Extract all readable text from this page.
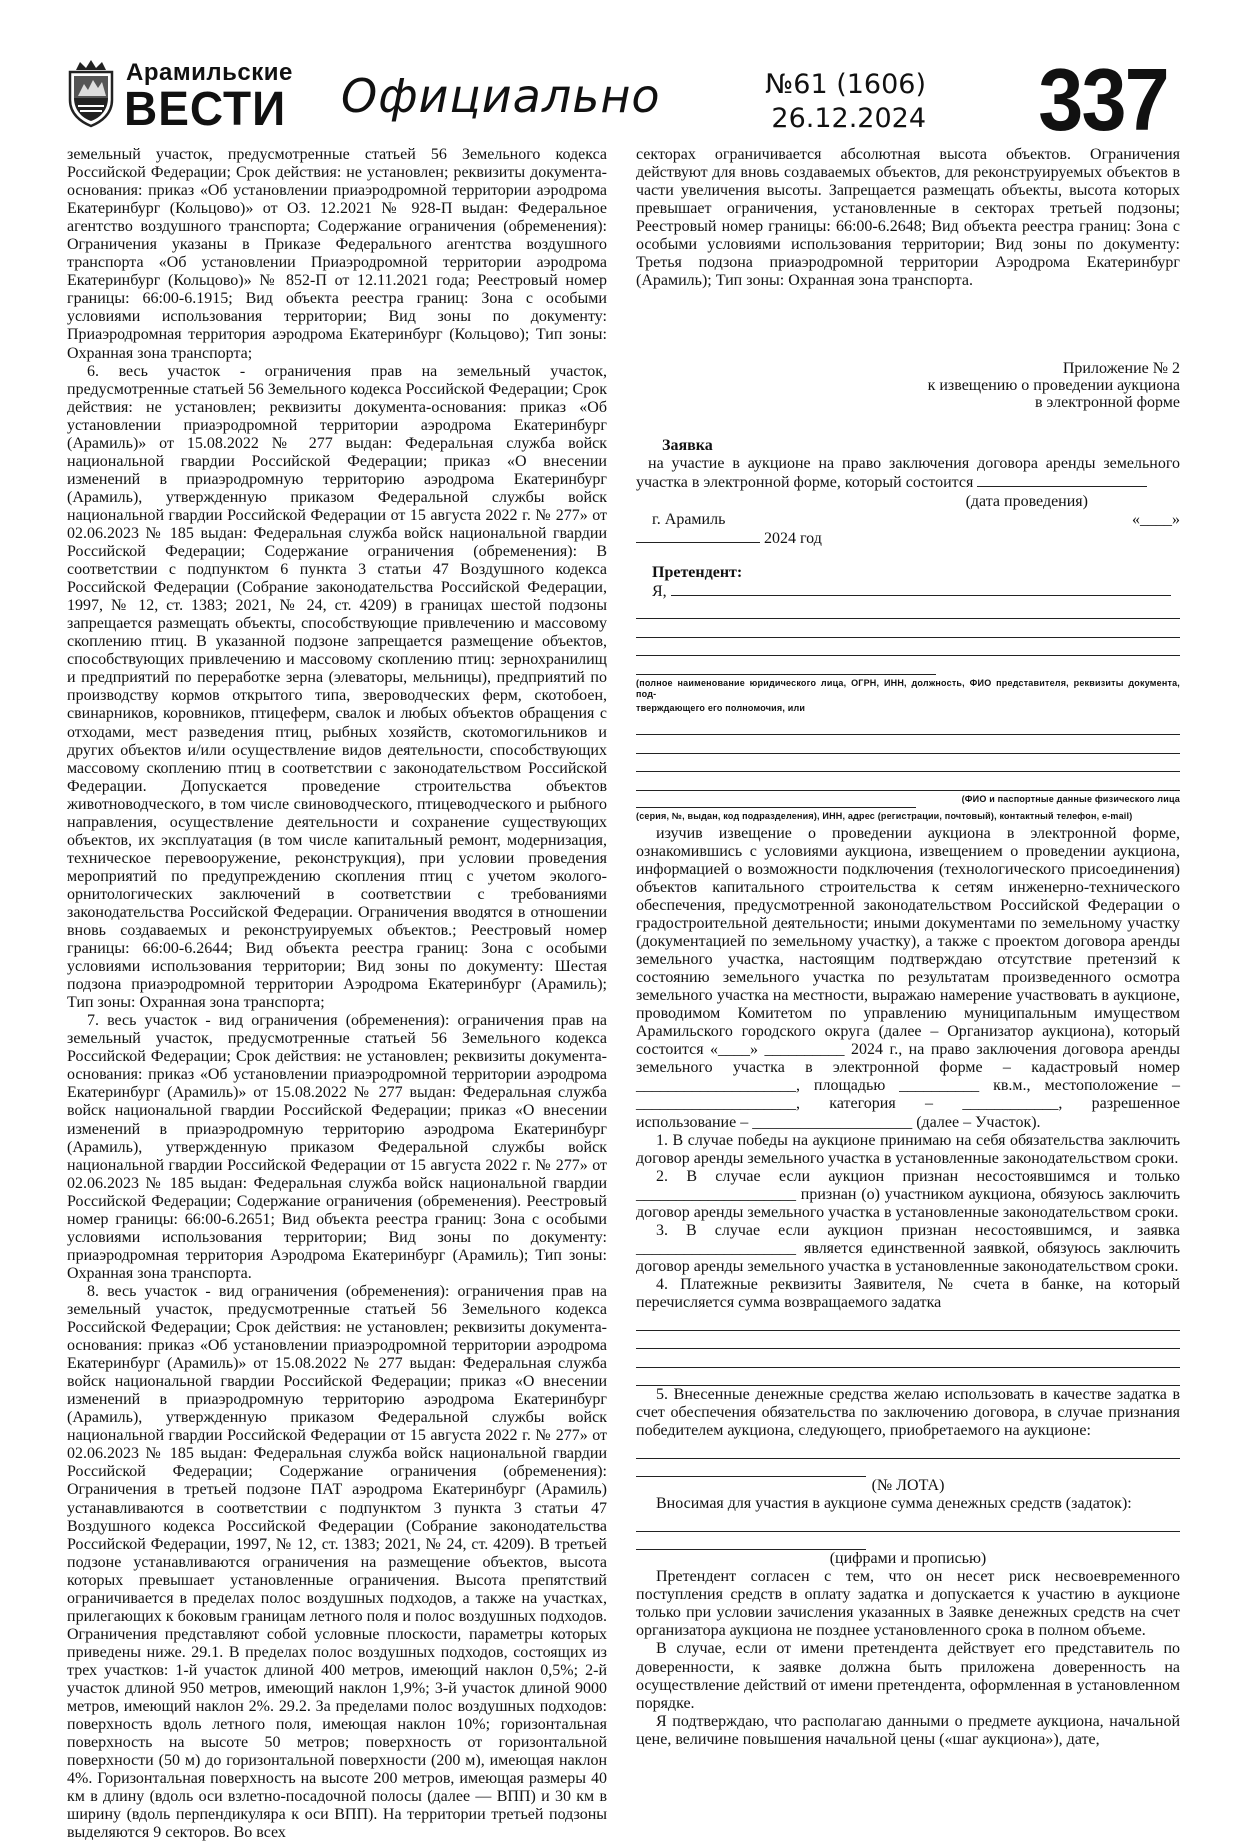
Арамильские
ВЕСТИ Официально	№61 (1606)
26.12.2024 337

земельный участок, предусмотренные статьей 56 Земельного кодекса Российской Федерации; Срок действия: не установлен; реквизиты документа-основания: приказ «Об установлении приаэродромной территории аэродрома Екатеринбург (Кольцово)» от ОЗ. 12.2021 № 928-П выдан: Федеральное агентство воздушного транспорта; Содержание ограничения (обременения): Ограничения указаны в Приказе Федерального агентства воздушного транспорта «Об установлении Приаэродромной территории аэродрома Екатеринбург (Кольцово)» № 852-П от 12.11.2021 года; Реестровый номер границы: 66:00-6.1915; Вид объекта реестра границ: Зона с особыми условиями использования территории; Вид зоны по документу: Приаэродромная территория аэродрома Екатеринбург (Кольцово); Тип зоны: Охранная зона транспорта;

6. весь участок - ограничения прав на земельный участок, предусмотренные статьей 56 Земельного кодекса Российской Федерации; Срок действия: не установлен; реквизиты документа-основания: приказ «Об установлении приаэродромной территории аэродрома Екатеринбург (Арамиль)» от 15.08.2022 № 277 выдан: Федеральная служба войск национальной гвардии Российской Федерации; приказ «О внесении изменений в приаэродромную территорию аэродрома Екатеринбург (Арамиль), утвержденную приказом Федеральной службы войск национальной гвардии Российской Федерации от 15 августа 2022 г. № 277» от 02.06.2023 № 185 выдан: Федеральная служба войск национальной гвардии Российской Федерации; Содержание ограничения (обременения): В соответствии с подпунктом 6 пункта 3 статьи 47 Воздушного кодекса Российской Федерации (Собрание законодательства Российской Федерации, 1997, № 12, ст. 1383; 2021, № 24, ст. 4209) в границах шестой подзоны запрещается размещать объекты, способствующие привлечению и массовому скоплению птиц. В указанной подзоне запрещается размещение объектов, способствующих привлечению и массовому скоплению птиц: зернохранилищ и предприятий по переработке зерна (элеваторы, мельницы), предприятий по производству кормов открытого типа, звероводческих ферм, скотобоен, свинарников, коровников, птицеферм, свалок и любых объектов обращения с отходами, мест разведения птиц, рыбных хозяйств, скотомогильников и других объектов и/или осуществление видов деятельности, способствующих массовому скоплению птиц в соответствии с законодательством Российской Федерации. Допускается проведение строительства объектов животноводческого, в том числе свиноводческого, птицеводческого и рыбного направления, осуществление деятельности и сохранение существующих объектов, их эксплуатация (в том числе капитальный ремонт, модернизация, техническое перевооружение, реконструкция), при условии проведения мероприятий по предупреждению скопления птиц с учетом эколого-орнитологических заключений в соответствии с требованиями законодательства Российской Федерации. Ограничения вводятся в отношении вновь создаваемых и реконструируемых объектов.; Реестровый номер границы: 66:00-6.2644; Вид объекта реестра границ: Зона с особыми условиями использования территории; Вид зоны по документу: Шестая подзона приаэродромной территории Аэродрома Екатеринбург (Арамиль); Тип зоны: Охранная зона транспорта;

7. весь участок - вид ограничения (обременения): ограничения прав на земельный участок, предусмотренные статьей 56 Земельного кодекса Российской Федерации; Срок действия: не установлен; реквизиты документа-основания: приказ «Об установлении приаэродромной территории аэродрома Екатеринбург (Арамиль)» от 15.08.2022 № 277 выдан: Федеральная служба войск национальной гвардии Российской Федерации; приказ «О внесении изменений в приаэродромную территорию аэродрома Екатеринбург (Арамиль), утвержденную приказом Федеральной службы войск национальной гвардии Российской Федерации от 15 августа 2022 г. № 277» от 02.06.2023 № 185 выдан: Федеральная служба войск национальной гвардии Российской Федерации; Содержание ограничения (обременения). Реестровый номер границы: 66:00-6.2651; Вид объекта реестра границ: Зона с особыми условиями использования территории; Вид зоны по документу: приаэродромная территория Аэродрома Екатеринбург (Арамиль); Тип зоны: Охранная зона транспорта.

8. весь участок - вид ограничения (обременения): ограничения прав на земельный участок, предусмотренные статьей 56 Земельного кодекса Российской Федерации; Срок действия: не установлен; реквизиты документа-основания: приказ «Об установлении приаэродромной территории аэродрома Екатеринбург (Арамиль)» от 15.08.2022 № 277 выдан: Федеральная служба войск национальной гвардии Российской Федерации; приказ «О внесении изменений в приаэродромную территорию аэродрома Екатеринбург (Арамиль), утвержденную приказом Федеральной службы войск национальной гвардии Российской Федерации от 15 августа 2022 г. № 277» от 02.06.2023 № 185 выдан: Федеральная служба войск национальной гвардии Российской Федерации; Содержание ограничения (обременения): Ограничения в третьей подзоне ПАТ аэродрома Екатеринбург (Арамиль) устанавливаются в соответствии с подпунктом 3 пункта 3 статьи 47 Воздушного кодекса Российской Федерации (Собрание законодательства Российской Федерации, 1997, № 12, ст. 1383; 2021, № 24, ст. 4209). В третьей подзоне устанавливаются ограничения на размещение объектов, высота которых превышает установленные ограничения. Высота препятствий ограничивается в пределах полос воздушных подходов, а также на участках, прилегающих к боковым границам летного поля и полос воздушных подходов. Ограничения представляют собой условные плоскости, параметры которых приведены ниже. 29.1. В пределах полос воздушных подходов, состоящих из трех участков: 1-й участок длиной 400 метров, имеющий наклон 0,5%; 2-й участок длиной 950 метров, имеющий наклон 1,9%; 3-й участок длиной 9000 метров, имеющий наклон 2%. 29.2. За пределами полос воздушных подходов: поверхность вдоль летного поля, имеющая наклон 10%; горизонтальная поверхность на высоте 50 метров; поверхность от горизонтальной поверхности (50 м) до горизонтальной поверхности (200 м), имеющая наклон 4%. Горизонтальная поверхность на высоте 200 метров, имеющая размеры 40 км в длину (вдоль оси взлетно-посадочной полосы (далее — ВПП) и 30 км в ширину (вдоль перпендикуляра к оси ВПП). На территории третьей подзоны выделяются 9 секторов. Во всех

секторах ограничивается абсолютная высота объектов. Ограничения действуют для вновь создаваемых объектов, для реконструируемых объектов в части увеличения высоты. Запрещается размещать объекты, высота которых превышает ограничения, установленные в секторах третьей подзоны; Реестровый номер границы: 66:00-6.2648; Вид объекта реестра границ: Зона с особыми условиями использования территории; Вид зоны по документу: Третья подзона приаэродромной территории Аэродрома Екатеринбург (Арамиль); Тип зоны: Охранная зона транспорта.

Приложение № 2
к извещению о проведении аукциона
в электронной форме

Заявка

на участие в аукционе на право заключения договора аренды земельного участка в электронной форме, который состоится

(дата проведения)

г. Арамиль	«____»

2024 год

Претендент:

Я,

(полное наименование юридического лица, ОГРН, ИНН, должность, ФИО представителя, реквизиты документа, под-

тверждающего его полномочия, или

(ФИО и паспортные данные физического лица

(серия, №, выдан, код подразделения), ИНН, адрес (регистрации, почтовый), контактный телефон, e-mail)

изучив извещение о проведении аукциона в электронной форме, ознакомившись с условиями аукциона, извещением о проведении аукциона, информацией о возможности подключения (технологического присоединения) объектов капитального строительства к сетям инженерно-технического обеспечения, предусмотренной законодательством Российской Федерации о градостроительной деятельности; иными документами по земельному участку (документацией по земельному участку), а также с проектом договора аренды земельного участка, настоящим подтверждаю отсутствие претензий к состоянию земельного участка по результатам произведенного осмотра земельного участка на местности, выражаю намерение участвовать в аукционе, проводимом Комитетом по управлению муниципальным имуществом Арамильского городского округа (далее – Организатор аукциона), который состоится «____» __________ 2024 г., на право заключения договора аренды земельного участка в электронной форме – кадастровый номер ____________________, площадью __________ кв.м., местоположение – ____________________, категория – ____________, разрешенное использование – ____________________ (далее – Участок).

1. В случае победы на аукционе принимаю на себя обязательства заключить договор аренды земельного участка в установленные законодательством сроки.

2. В случае если аукцион признан несостоявшимся и только ____________________ признан (о) участником аукциона, обязуюсь заключить договор аренды земельного участка в установленные законодательством сроки.

3. В случае если аукцион признан несостоявшимся, и заявка ____________________ является единственной заявкой, обязуюсь заключить договор аренды земельного участка в установленные законодательством сроки.

4. Платежные реквизиты Заявителя, № счета в банке, на который перечисляется сумма возвращаемого задатка

5. Внесенные денежные средства желаю использовать в качестве задатка в счет обеспечения обязательства по заключению договора, в случае признания победителем аукциона, следующего, приобретаемого на аукционе:

(№ ЛОТА)

Вносимая для участия в аукционе сумма денежных средств (задаток):

(цифрами и прописью)

Претендент согласен с тем, что он несет риск несвоевременного поступления средств в оплату задатка и допускается к участию в аукционе только при условии зачисления указанных в Заявке денежных средств на счет организатора аукциона не позднее установленного срока в полном объеме.

В случае, если от имени претендента действует его представитель по доверенности, к заявке должна быть приложена доверенность на осуществление действий от имени претендента, оформленная в установленном порядке.

Я подтверждаю, что располагаю данными о предмете аукциона, начальной цене, величине повышения начальной цены («шаг аукциона»), дате,
